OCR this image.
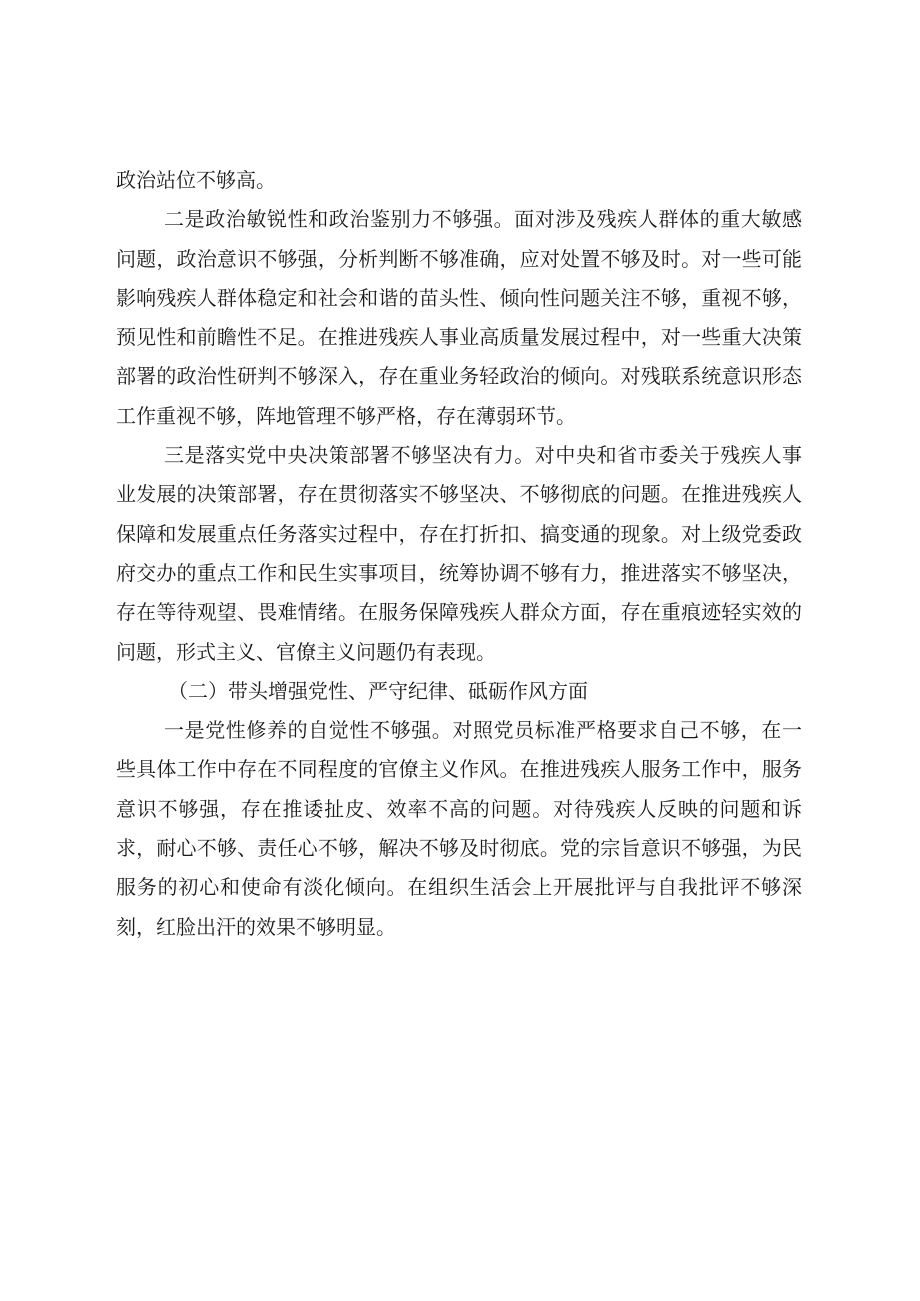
政治站位不够高。

二是政治敏锐性和政治鉴别力不够强。面对涉及残疾人群体的重大敏感问题，政治意识不够强，分析判断不够准确，应对处置不够及时。对一些可能影响残疾人群体稳定和社会和谐的苗头性、倾向性问题关注不够，重视不够，预见性和前瞻性不足。在推进残疾人事业高质量发展过程中，对一些重大决策部署的政治性研判不够深入，存在重业务轻政治的倾向。对残联系统意识形态工作重视不够，阵地管理不够严格，存在薄弱环节。

三是落实党中央决策部署不够坚决有力。对中央和省市委关于残疾人事业发展的决策部署，存在贯彻落实不够坚决、不够彻底的问题。在推进残疾人保障和发展重点任务落实过程中，存在打折扣、搞变通的现象。对上级党委政府交办的重点工作和民生实事项目，统筹协调不够有力，推进落实不够坚决，存在等待观望、畏难情绪。在服务保障残疾人群众方面，存在重痕迹轻实效的问题，形式主义、官僚主义问题仍有表现。

（二）带头增强党性、严守纪律、砥砺作风方面

一是党性修养的自觉性不够强。对照党员标准严格要求自己不够，在一些具体工作中存在不同程度的官僚主义作风。在推进残疾人服务工作中，服务意识不够强，存在推诿扯皮、效率不高的问题。对待残疾人反映的问题和诉求，耐心不够、责任心不够，解决不够及时彻底。党的宗旨意识不够强，为民服务的初心和使命有淡化倾向。在组织生活会上开展批评与自我批评不够深刻，红脸出汗的效果不够明显。
